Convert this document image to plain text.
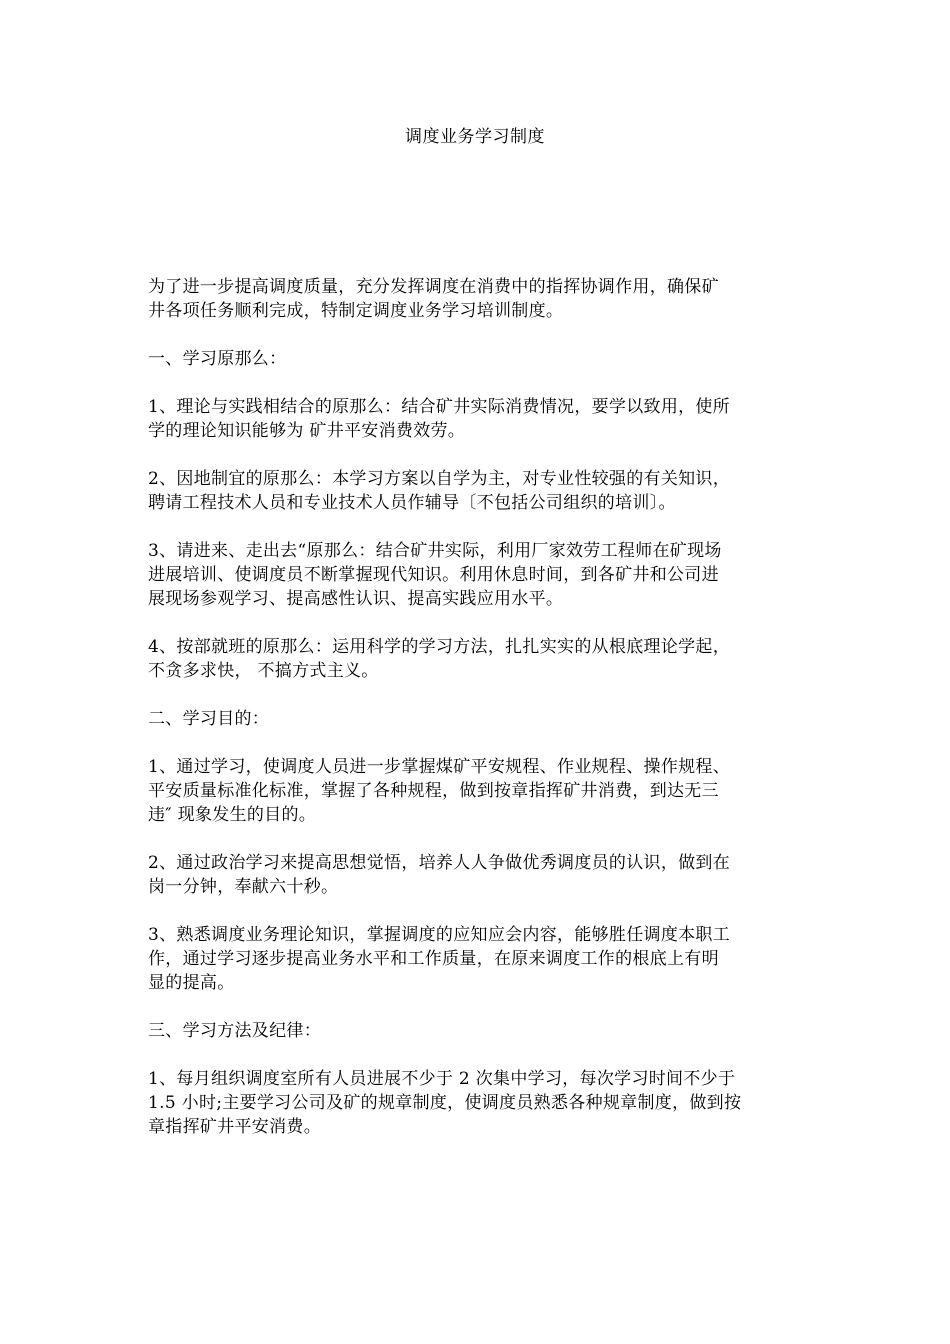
调度业务学习制度
为了进一步提高调度质量，充分发挥调度在消费中的指挥协调作用，确保矿
井各项任务顺利完成，特制定调度业务学习培训制度。
一、学习原那么：
1、理论与实践相结合的原那么：结合矿井实际消费情况，要学以致用，使所
学的理论知识能够为 矿井平安消费效劳。
2、因地制宜的原那么：本学习方案以自学为主，对专业性较强的有关知识，
聘请工程技术人员和专业技术人员作辅导〔不包括公司组织的培训〕。
3、请进来、走出去“原那么：结合矿井实际，利用厂家效劳工程师在矿现场
进展培训、使调度员不断掌握现代知识。利用休息时间，到各矿井和公司进
展现场参观学习、提高感性认识、提高实践应用水平。
4、按部就班的原那么：运用科学的学习方法，扎扎实实的从根底理论学起，
不贪多求快， 不搞方式主义。
二、学习目的：
1、通过学习，使调度人员进一步掌握煤矿平安规程、作业规程、操作规程、
平安质量标准化标准，掌握了各种规程，做到按章指挥矿井消费，到达无三
违″ 现象发生的目的。
2、通过政治学习来提高思想觉悟，培养人人争做优秀调度员的认识，做到在
岗一分钟，奉献六十秒。
3、熟悉调度业务理论知识，掌握调度的应知应会内容，能够胜任调度本职工
作，通过学习逐步提高业务水平和工作质量，在原来调度工作的根底上有明
显的提高。
三、学习方法及纪律：
1、每月组织调度室所有人员进展不少于 2 次集中学习，每次学习时间不少于
1.5 小时;主要学习公司及矿的规章制度，使调度员熟悉各种规章制度，做到按
章指挥矿井平安消费。
